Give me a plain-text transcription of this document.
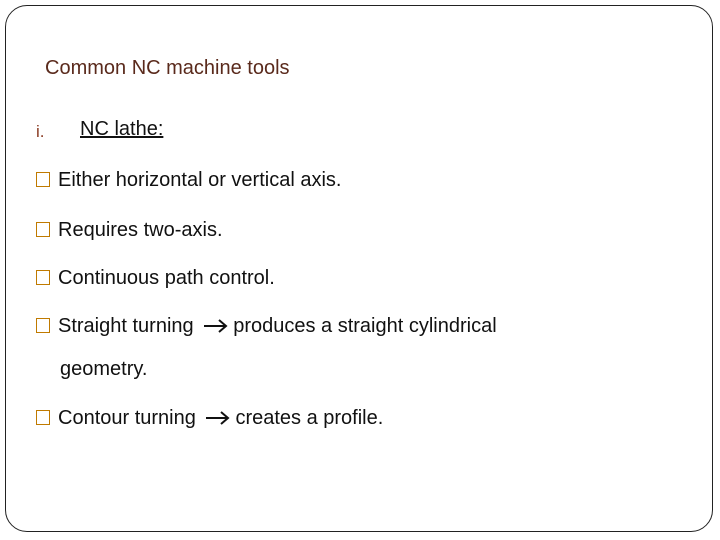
Common NC machine tools
i. NC lathe:
Either horizontal or vertical axis.
Requires two-axis.
Continuous path control.
Straight turning produces a straight cylindrical
geometry.
Contour turning creates a profile.
